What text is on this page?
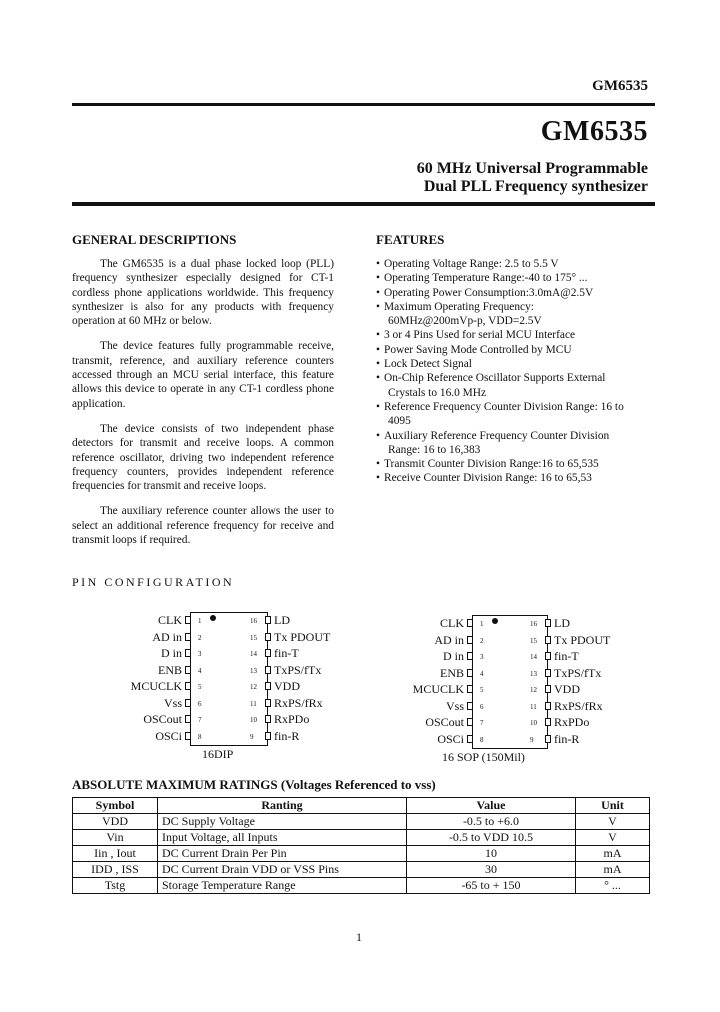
GM6535
GM6535
60 MHz Universal Programmable
Dual PLL Frequency synthesizer
GENERAL DESCRIPTIONS

The GM6535 is a dual phase locked loop (PLL) frequency synthesizer especially designed for CT-1 cordless phone applications worldwide. This frequency synthesizer is also for any products with frequency operation at 60 MHz or below.

The device features fully programmable receive, transmit, reference, and auxiliary reference counters accessed through an MCU serial interface, this feature allows this device to operate in any CT-1 cordless phone application.

The device consists of two independent phase detectors for transmit and receive loops. A common reference oscillator, driving two independent reference frequency counters, provides independent reference frequencies for transmit and receive loops.

The auxiliary reference counter allows the user to select an additional reference frequency for receive and transmit loops if required.

FEATURES
• Operating Voltage Range: 2.5 to 5.5 V
• Operating Temperature Range:-40 to 175° ...
• Operating Power Consumption:3.0mA@2.5V
• Maximum Operating Frequency:
60MHz@200mVp-p, VDD=2.5V
• 3 or 4 Pins Used for serial MCU Interface
• Power Saving Mode Controlled by MCU
• Lock Detect Signal
• On-Chip Reference Oscillator Supports External
Crystals to 16.0 MHz
• Reference Frequency Counter Division Range: 16 to
4095
• Auxiliary Reference Frequency Counter Division
Range: 16 to 16,383
• Transmit Counter Division Range:16 to 65,535
• Receive Counter Division Range: 16 to 65,53
PIN CONFIGURATION
CLK	LD
1	16
AD in	Tx PDOUT
2	15
D in	fin-T
3	14
ENB	TxPS/fTx
4	13
MCUCLK	VDD
5	12
Vss	RxPS/fRx
6	11
OSCout	RxPDo
7	10
OSCi	fin-R
8	9
16DIP
CLK	LD
1	16
AD in	Tx PDOUT
2	15
D in	fin-T
3	14
ENB	TxPS/fTx
4	13
MCUCLK	VDD
5	12
Vss	RxPS/fRx
6	11
OSCout	RxPDo
7	10
OSCi	fin-R
8	9
16 SOP (150Mil)
ABSOLUTE MAXIMUM RATINGS (Voltages Referenced to vss)
Symbol	Ranting	Value	Unit
VDD	DC Supply Voltage	-0.5 to +6.0	V
Vin	Input Voltage, all Inputs	-0.5 to VDD 10.5	V
Iin , Iout	DC Current Drain Per Pin	10	mA
IDD , ISS	DC Current Drain VDD or VSS Pins	30	mA
Tstg	Storage Temperature Range	-65 to + 150	° ...
1
